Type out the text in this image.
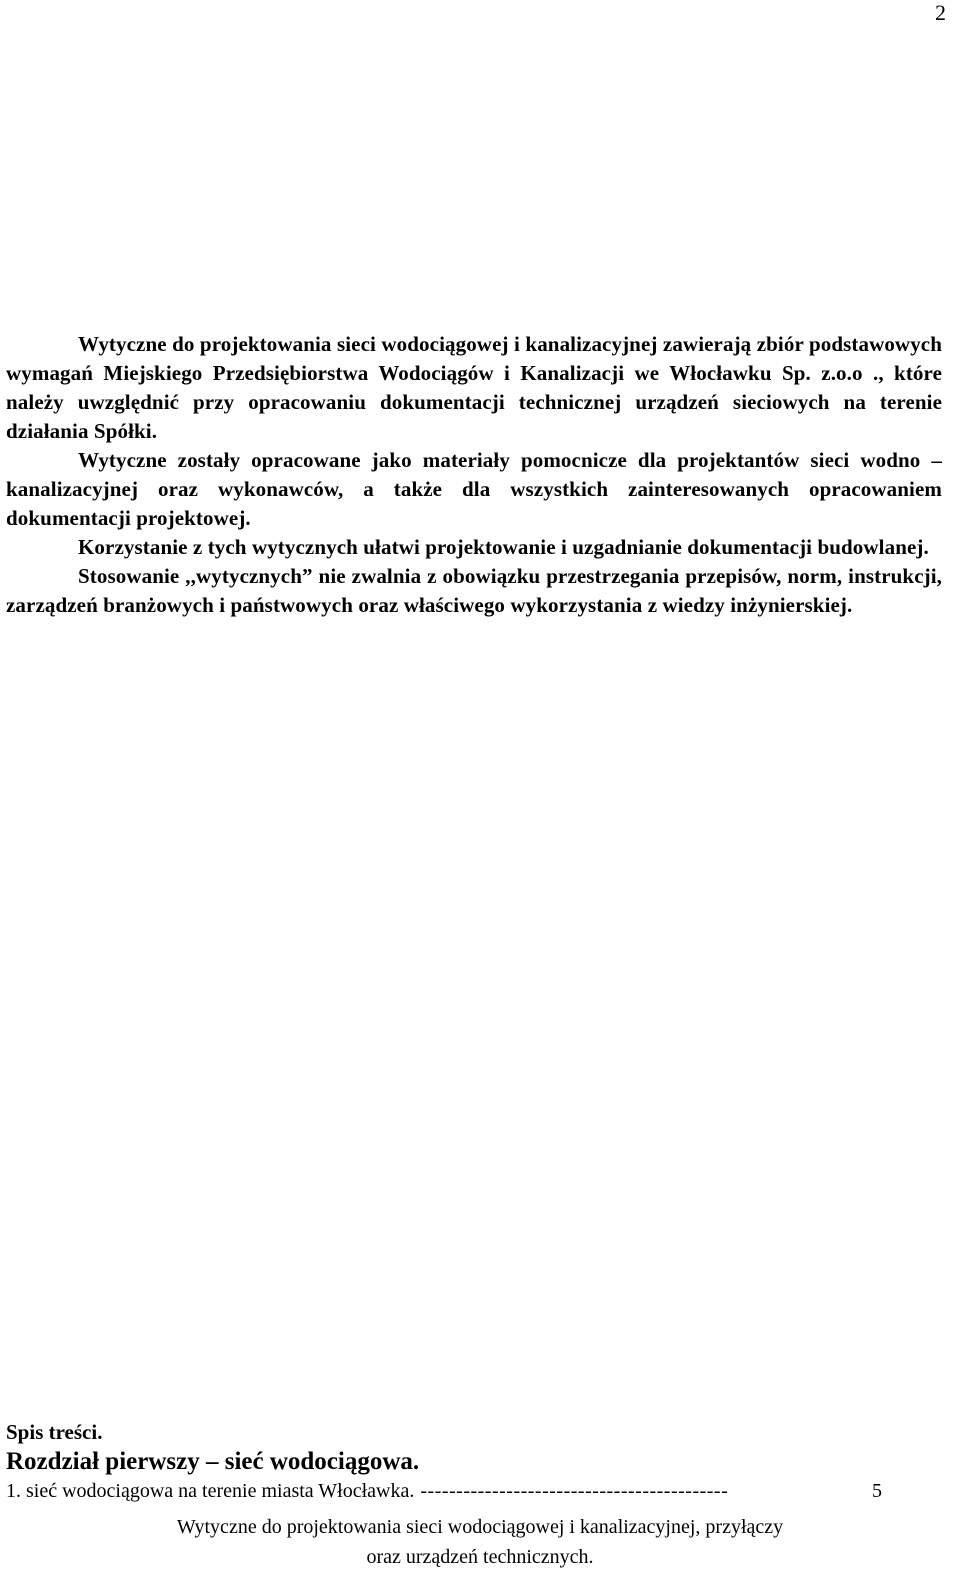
2

Wytyczne do projektowania sieci wodociągowej i kanalizacyjnej zawierają zbiór podstawowych wymagań Miejskiego Przedsiębiorstwa Wodociągów i Kanalizacji we Włocławku Sp. z.o.o ., które należy uwzględnić przy opracowaniu dokumentacji technicznej urządzeń sieciowych na terenie działania Spółki.

Wytyczne zostały opracowane jako materiały pomocnicze dla projektantów sieci wodno – kanalizacyjnej oraz wykonawców, a także dla wszystkich zainteresowanych opracowaniem dokumentacji projektowej.

Korzystanie z tych wytycznych ułatwi projektowanie i uzgadnianie dokumentacji budowlanej.

Stosowanie ,,wytycznych” nie zwalnia z obowiązku przestrzegania przepisów, norm, instrukcji, zarządzeń branżowych i państwowych oraz właściwego wykorzystania z wiedzy inżynierskiej.

Spis treści.
Rozdział pierwszy – sieć wodociągowa.
1. sieć wodociągowa na terenie miasta Włocławka. -------------------------------------------	5
Wytyczne do projektowania sieci wodociągowej i kanalizacyjnej, przyłączy
oraz urządzeń technicznych.
